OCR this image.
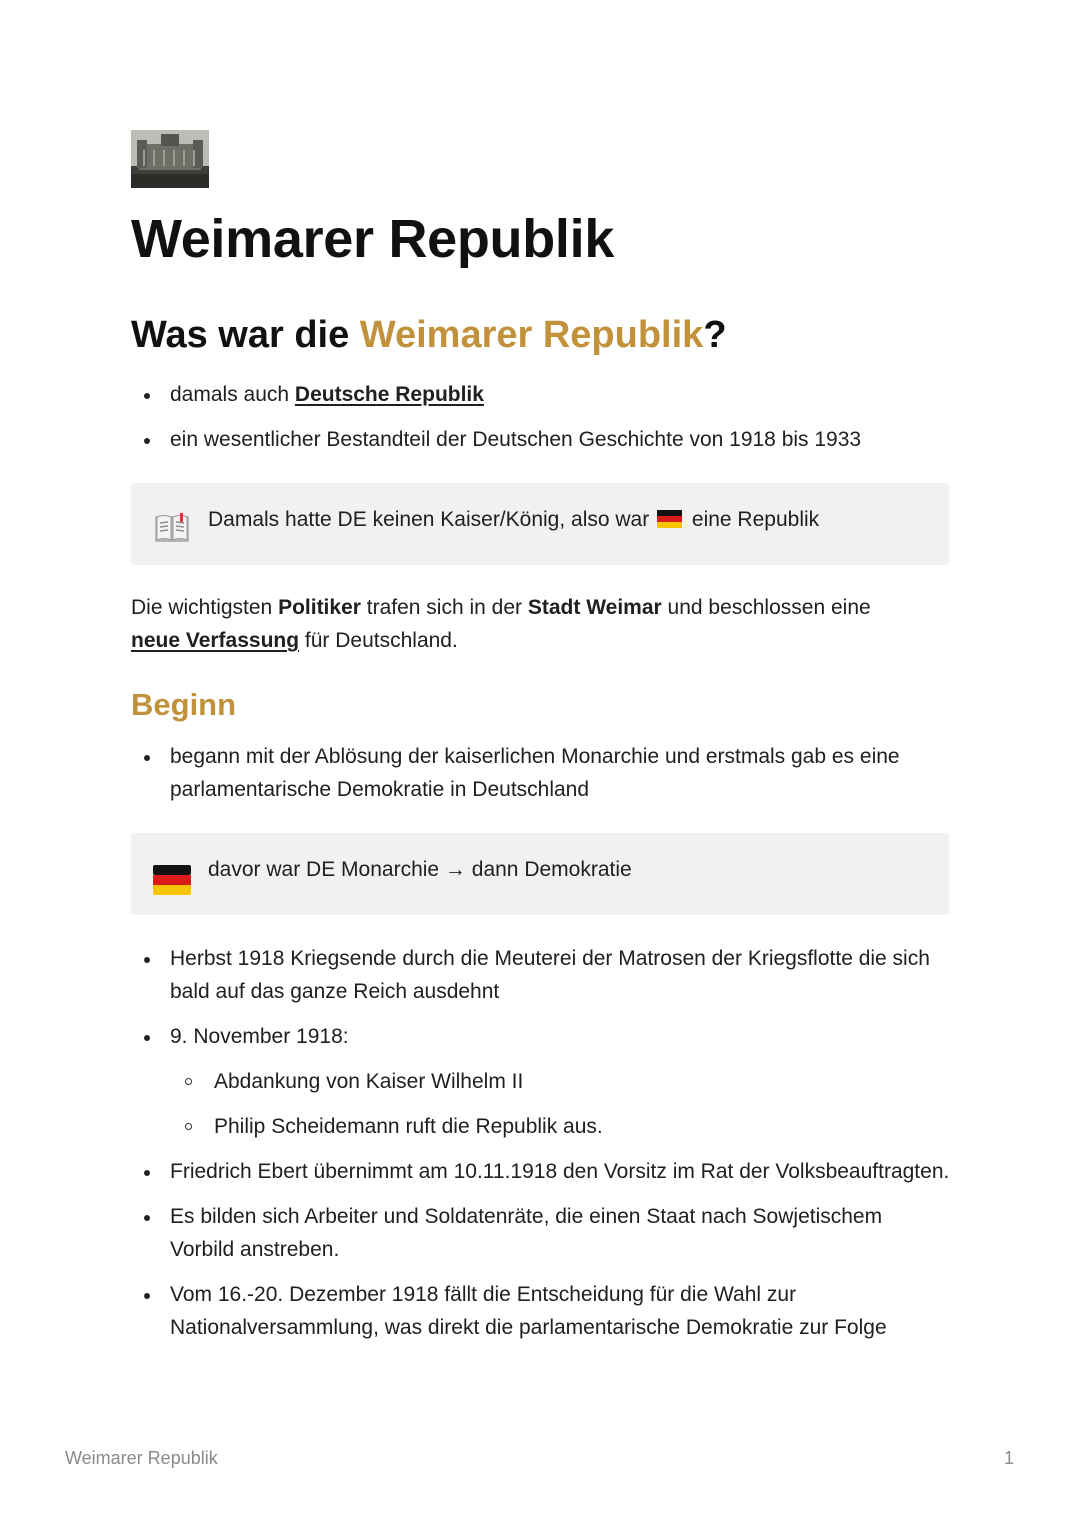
Weimarer Republik
Was war die Weimarer Republik?
damals auch Deutsche Republik
ein wesentlicher Bestandteil der Deutschen Geschichte von 1918 bis 1933
Damals hatte DE keinen Kaiser/König, also war  eine Republik

Die wichtigsten Politiker trafen sich in der Stadt Weimar und beschlossen eine
neue Verfassung für Deutschland.

Beginn
begann mit der Ablösung der kaiserlichen Monarchie und erstmals gab es eine parlamentarische Demokratie in Deutschland
davor war DE Monarchie → dann Demokratie
Herbst 1918 Kriegsende durch die Meuterei der Matrosen der Kriegsflotte die sich bald auf das ganze Reich ausdehnt
9. November 1918:
Abdankung von Kaiser Wilhelm II
Philip Scheidemann ruft die Republik aus.
Friedrich Ebert übernimmt am 10.11.1918 den Vorsitz im Rat der Volksbeauftragten.
Es bilden sich Arbeiter und Soldatenräte, die einen Staat nach Sowjetischem Vorbild anstreben.
Vom 16.-20. Dezember 1918 fällt die Entscheidung für die Wahl zur Nationalversammlung, was direkt die parlamentarische Demokratie zur Folge
Weimarer Republik	1
